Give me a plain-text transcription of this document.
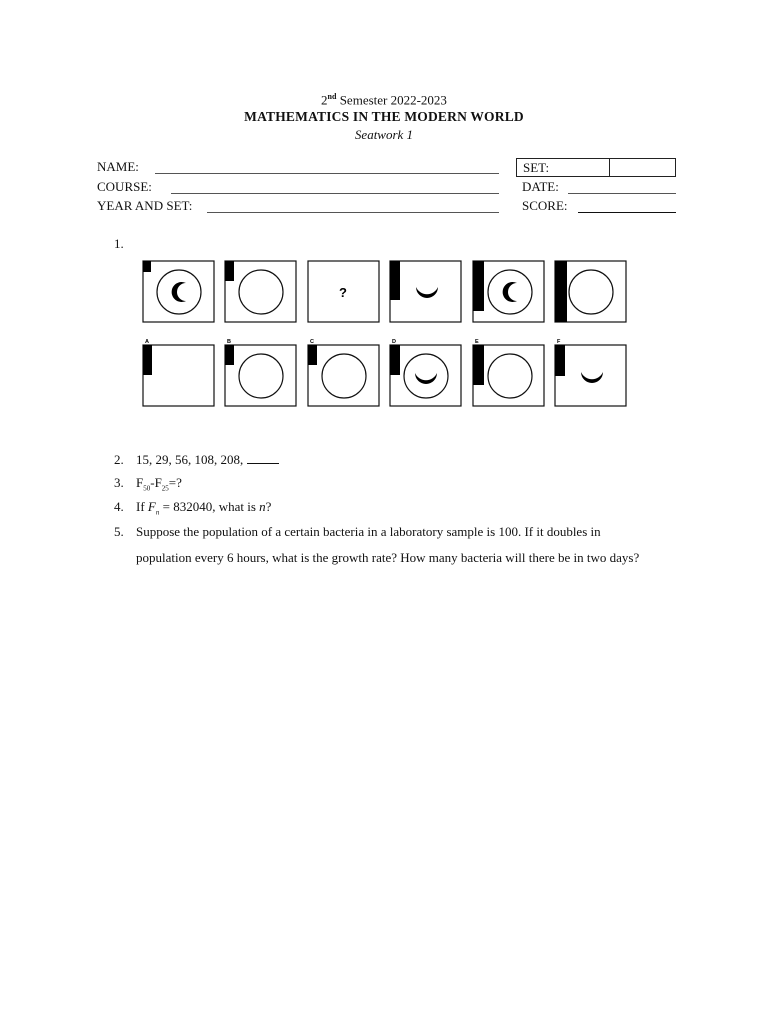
2nd Semester 2022-2023
MATHEMATICS IN THE MODERN WORLD
Seatwork 1
NAME:
COURSE:
YEAR AND SET:
SET:
DATE:
SCORE:
1.
?
A	B	C	D	E	F
2. 15, 29, 56, 108, 208,
3. $F_{50}-F_{25}=$?
4. If $F_n = 832040$, what is n?
5. Suppose the population of a certain bacteria in a laboratory sample is 100. If it doubles in
population every 6 hours, what is the growth rate? How many bacteria will there be in two days?
